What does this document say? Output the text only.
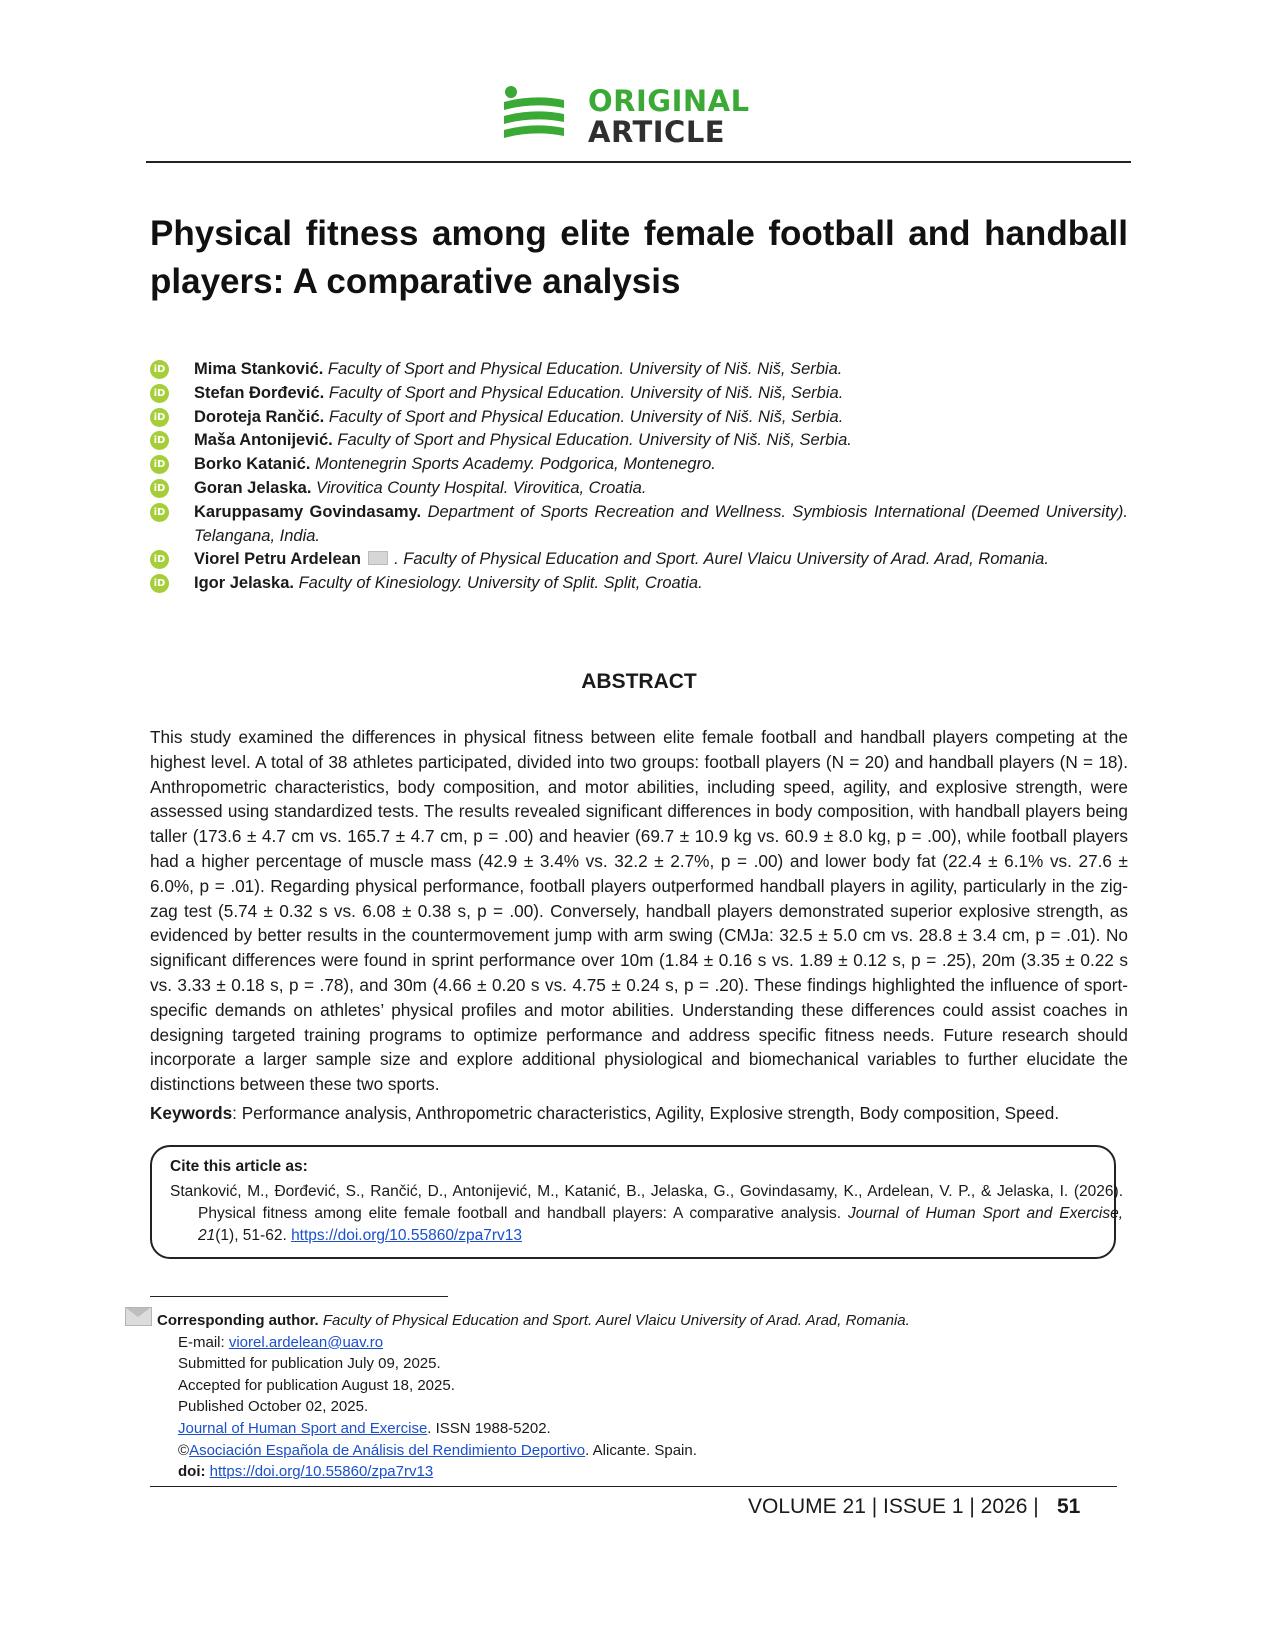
ORIGINAL
ARTICLE
Physical fitness among elite female football and handball players: A comparative analysis
iD Mima Stanković. Faculty of Sport and Physical Education. University of Niš. Niš, Serbia.
iD Stefan Đorđević. Faculty of Sport and Physical Education. University of Niš. Niš, Serbia.
iD Doroteja Rančić. Faculty of Sport and Physical Education. University of Niš. Niš, Serbia.
iD Maša Antonijević. Faculty of Sport and Physical Education. University of Niš. Niš, Serbia.
iD Borko Katanić. Montenegrin Sports Academy. Podgorica, Montenegro.
iD Goran Jelaska. Virovitica County Hospital. Virovitica, Croatia.
iD Karuppasamy Govindasamy. Department of Sports Recreation and Wellness. Symbiosis International (Deemed University). Telangana, India.
iD Viorel Petru Ardelean . Faculty of Physical Education and Sport. Aurel Vlaicu University of Arad. Arad, Romania.
iD Igor Jelaska. Faculty of Kinesiology. University of Split. Split, Croatia.
ABSTRACT
This study examined the differences in physical fitness between elite female football and handball players competing at the highest level. A total of 38 athletes participated, divided into two groups: football players (N = 20) and handball players (N = 18). Anthropometric characteristics, body composition, and motor abilities, including speed, agility, and explosive strength, were assessed using standardized tests. The results revealed significant differences in body composition, with handball players being taller (173.6 ± 4.7 cm vs. 165.7 ± 4.7 cm, p = .00) and heavier (69.7 ± 10.9 kg vs. 60.9 ± 8.0 kg, p = .00), while football players had a higher percentage of muscle mass (42.9 ± 3.4% vs. 32.2 ± 2.7%, p = .00) and lower body fat (22.4 ± 6.1% vs. 27.6 ± 6.0%, p = .01). Regarding physical performance, football players outperformed handball players in agility, particularly in the zig-zag test (5.74 ± 0.32 s vs. 6.08 ± 0.38 s, p = .00). Conversely, handball players demonstrated superior explosive strength, as evidenced by better results in the countermovement jump with arm swing (CMJa: 32.5 ± 5.0 cm vs. 28.8 ± 3.4 cm, p = .01). No significant differences were found in sprint performance over 10m (1.84 ± 0.16 s vs. 1.89 ± 0.12 s, p = .25), 20m (3.35 ± 0.22 s vs. 3.33 ± 0.18 s, p = .78), and 30m (4.66 ± 0.20 s vs. 4.75 ± 0.24 s, p = .20). These findings highlighted the influence of sport-specific demands on athletes’ physical profiles and motor abilities. Understanding these differences could assist coaches in designing targeted training programs to optimize performance and address specific fitness needs. Future research should incorporate a larger sample size and explore additional physiological and biomechanical variables to further elucidate the distinctions between these two sports.
Keywords: Performance analysis, Anthropometric characteristics, Agility, Explosive strength, Body composition, Speed.
Cite this article as:
Stanković, M., Đorđević, S., Rančić, D., Antonijević, M., Katanić, B., Jelaska, G., Govindasamy, K., Ardelean, V. P., & Jelaska, I. (2026). Physical fitness among elite female football and handball players: A comparative analysis. Journal of Human Sport and Exercise, 21(1), 51-62. https://doi.org/10.55860/zpa7rv13
Corresponding author. Faculty of Physical Education and Sport. Aurel Vlaicu University of Arad. Arad, Romania.
E-mail: viorel.ardelean@uav.ro
Submitted for publication July 09, 2025.
Accepted for publication August 18, 2025.
Published October 02, 2025.
Journal of Human Sport and Exercise. ISSN 1988-5202.
©Asociación Española de Análisis del Rendimiento Deportivo. Alicante. Spain.
doi: https://doi.org/10.55860/zpa7rv13
VOLUME 21 | ISSUE 1 | 2026 | 51
